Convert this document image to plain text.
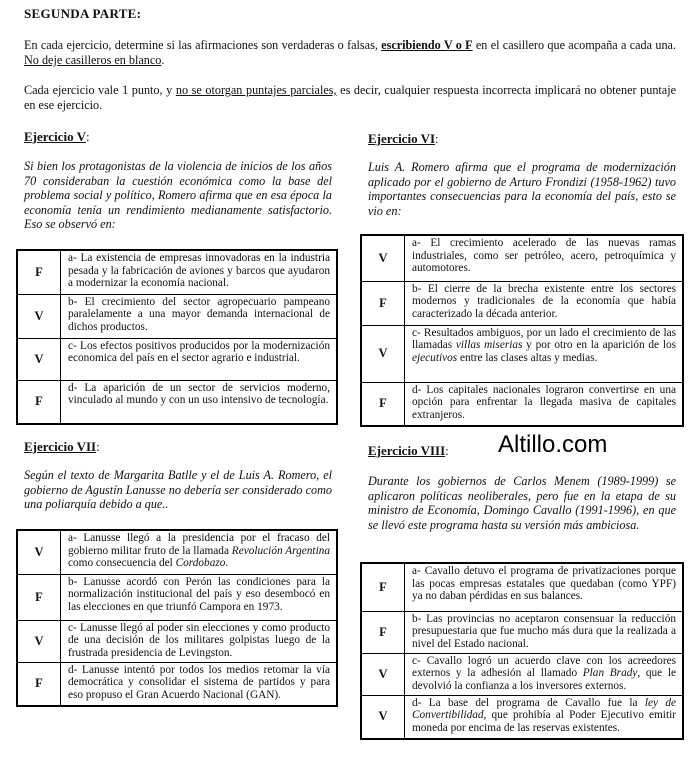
SEGUNDA PARTE:
En cada ejercicio, determine si las afirmaciones son verdaderas o falsas, escribiendo V o F en el casillero que acompaña a cada una. No deje casilleros en blanco.
Cada ejercicio vale 1 punto, y no se otorgan puntajes parciales, es decir, cualquier respuesta incorrecta implicará no obtener puntaje en ese ejercicio.
Ejercicio V:
Si bien los protagonistas de la violencia de inicios de los años 70 consideraban la cuestión económica como la base del problema social y político, Romero afirma que en esa época la economía tenía un rendimiento medianamente satisfactorio. Eso se observó en:
F	a- La existencia de empresas innovadoras en la industria pesada y la fabricación de aviones y barcos que ayudaron a modernizar la economía nacional.
V	b- El crecimiento del sector agropecuario pampeano paralelamente a una mayor demanda internacional de dichos productos.
V	c- Los efectos positivos producidos por la modernización economica del país en el sector agrario e industrial.
F	d- La aparición de un sector de servicios moderno, vinculado al mundo y con un uso intensivo de tecnología.
Ejercicio VI:
Luis A. Romero afirma que el programa de modernización aplicado por el gobierno de Arturo Frondizi (1958-1962) tuvo importantes consecuencias para la economía del país, esto se vio en:
V	a- El crecimiento acelerado de las nuevas ramas industriales, como ser petróleo, acero, petroquímica y automotores.
F	b- El cierre de la brecha existente entre los sectores modernos y tradicionales de la economía que había caracterizado la década anterior.
V	c- Resultados ambiguos, por un lado el crecimiento de las llamadas villas miserias y por otro en la aparición de los ejecutivos entre las clases altas y medias.
F	d- Los capitales nacionales lograron convertirse en una opción para enfrentar la llegada masiva de capitales extranjeros.
Altillo.com
Ejercicio VII:
Según el texto de Margarita Batlle y el de Luis A. Romero, el gobierno de Agustín Lanusse no debería ser considerado como una poliarquía debido a que..
V	a- Lanusse llegó a la presidencia por el fracaso del gobierno militar fruto de la llamada Revolución Argentina como consecuencia del Cordobazo.
F	b- Lanusse acordó con Perón las condiciones para la normalización institucional del país y eso desembocó en las elecciones en que triunfó Campora en 1973.
V	c- Lanusse llegó al poder sin elecciones y como producto de una decisión de los militares golpistas luego de la frustrada presidencia de Levingston.
F	d- Lanusse intentó por todos los medios retomar la vía democrática y consolidar el sistema de partidos y para eso propuso el Gran Acuerdo Nacional (GAN).
Ejercicio VIII:
Durante los gobiernos de Carlos Menem (1989-1999) se aplicaron políticas neoliberales, pero fue en la etapa de su ministro de Economía, Domingo Cavallo (1991-1996), en que se llevó este programa hasta su versión más ambiciosa.
F	a- Cavallo detuvo el programa de privatizaciones porque las pocas empresas estatales que quedaban (como YPF) ya no daban pérdidas en sus balances.
F	b- Las provincias no aceptaron consensuar la reducción presupuestaria que fue mucho más dura que la realizada a nivel del Estado nacional.
V	c- Cavallo logró un acuerdo clave con los acreedores externos y la adhesión al llamado Plan Brady, que le devolvió la confianza a los inversores externos.
V	d- La base del programa de Cavallo fue la ley de Convertibilidad, que prohibía al Poder Ejecutivo emitir moneda por encima de las reservas existentes.
